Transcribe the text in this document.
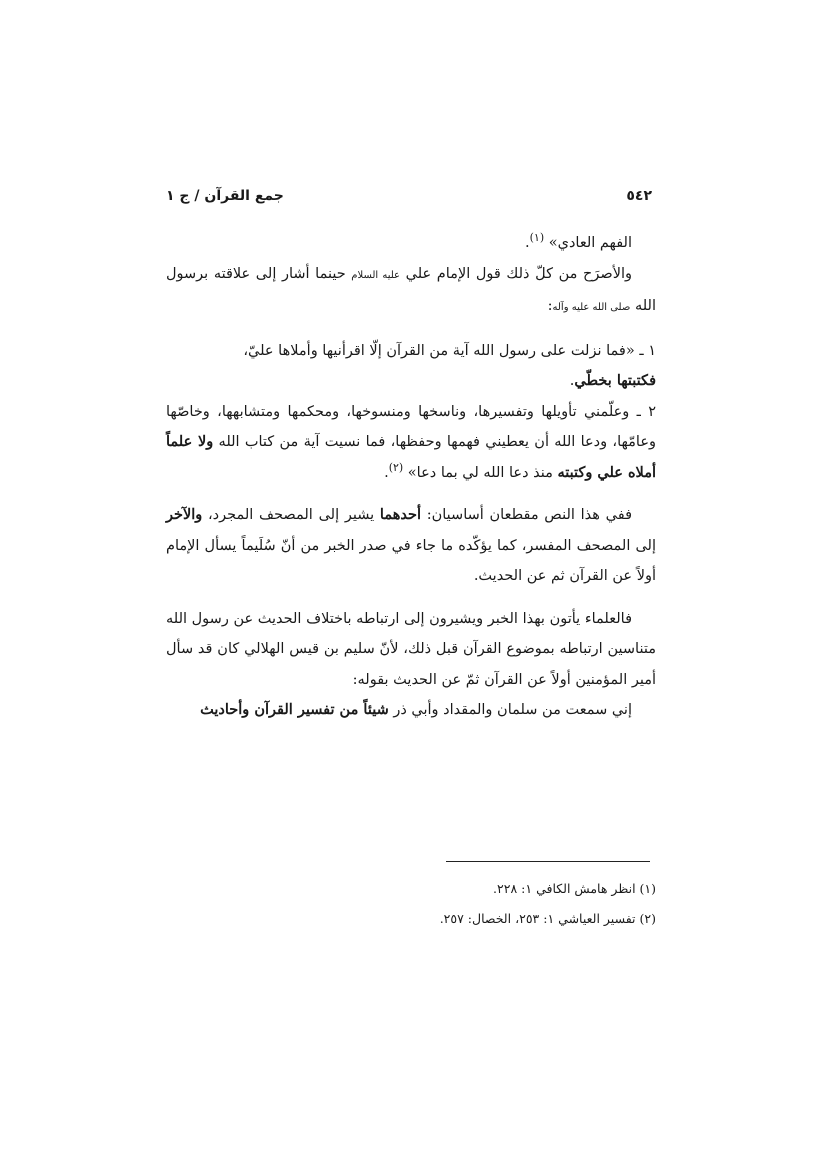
٥٤٢
جمع القرآن / ج ١

الفهم العادي» $^{(١)}$.

والأصرَح من كلّ ذلك قول الإمام علي عليه السلام حينما أشار إلى علاقته برسول الله صلى الله عليه وآله:

١ ـ «فما نزلت على رسول الله آية من القرآن إلّا اقرأنيها وأملاها عليّ،
فكتبتها بخطّي.

٢ ـ وعلّمني تأويلها وتفسيرها، وناسخها ومنسوخها، ومحكمها ومتشابهها، وخاصّها وعامّها، ودعا الله أن يعطيني فهمها وحفظها، فما نسيت آية من كتاب الله ولا علماً أملاه علي وكتبته منذ دعا الله لي بما دعا» $^{(٢)}$.

ففي هذا النص مقطعان أساسيان: أحدهما يشير إلى المصحف المجرد، والآخر إلى المصحف المفسر، كما يؤكّده ما جاء في صدر الخبر من أنّ سُلَيماً يسأل الإمام أولاً عن القرآن ثم عن الحديث.

فالعلماء يأتون بهذا الخبر ويشيرون إلى ارتباطه باختلاف الحديث عن رسول الله متناسين ارتباطه بموضوع القرآن قبل ذلك، لأنّ سليم بن قيس الهلالي كان قد سأل أمير المؤمنين أولاً عن القرآن ثمّ عن الحديث بقوله:

إني سمعت من سلمان والمقداد وأبي ذر شيئاً من تفسير القرآن وأحاديث

(١) انظر هامش الكافي ١: ٢٢٨.

(٢) تفسير العياشي ١: ٢٥٣، الخصال: ٢٥٧.
